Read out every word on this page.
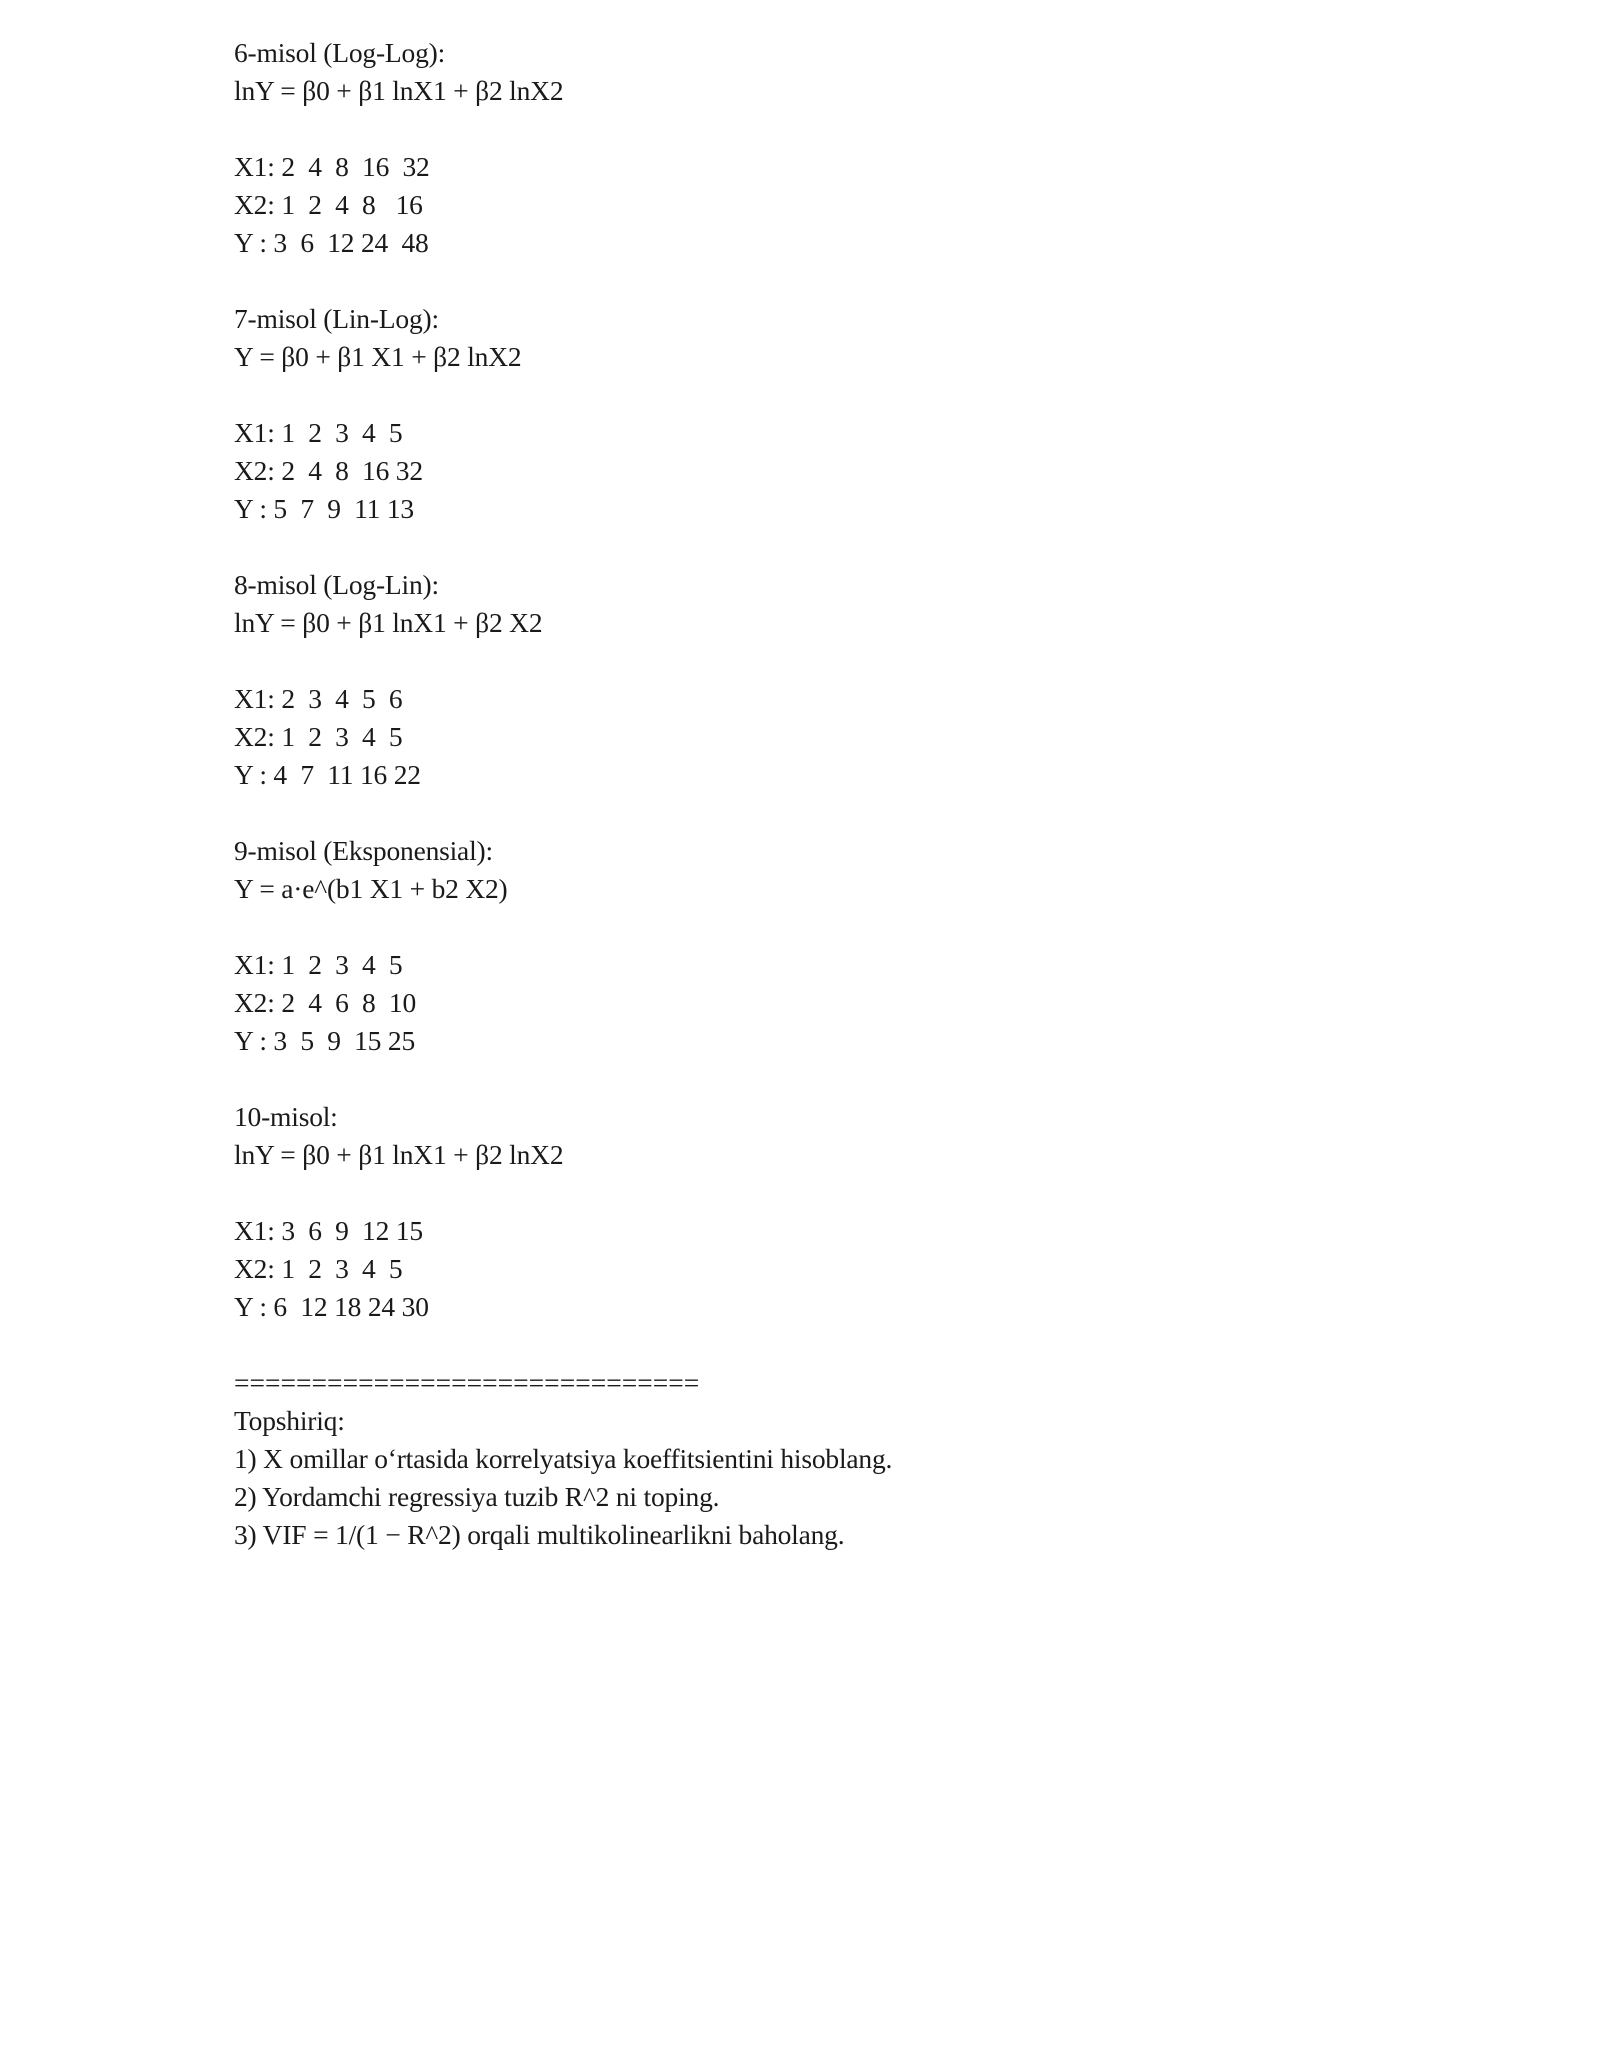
6-misol (Log-Log):
lnY = β0 + β1 lnX1 + β2 lnX2
X1: 2  4  8  16  32
X2: 1  2  4  8   16
Y : 3  6  12 24  48
7-misol (Lin-Log):
Y = β0 + β1 X1 + β2 lnX2
X1: 1  2  3  4  5
X2: 2  4  8  16 32
Y : 5  7  9  11 13
8-misol (Log-Lin):
lnY = β0 + β1 lnX1 + β2 X2
X1: 2  3  4  5  6
X2: 1  2  3  4  5
Y : 4  7  11 16 22
9-misol (Eksponensial):
Y = a·e^(b1 X1 + b2 X2)
X1: 1  2  3  4  5
X2: 2  4  6  8  10
Y : 3  5  9  15 25
10-misol:
lnY = β0 + β1 lnX1 + β2 lnX2
X1: 3  6  9  12 15
X2: 1  2  3  4  5
Y : 6  12 18 24 30
==============================
Topshiriq:
1) X omillar o‘rtasida korrelyatsiya koeffitsientini hisoblang.
2) Yordamchi regressiya tuzib R^2 ni toping.
3) VIF = 1/(1 − R^2) orqali multikolinearlikni baholang.
